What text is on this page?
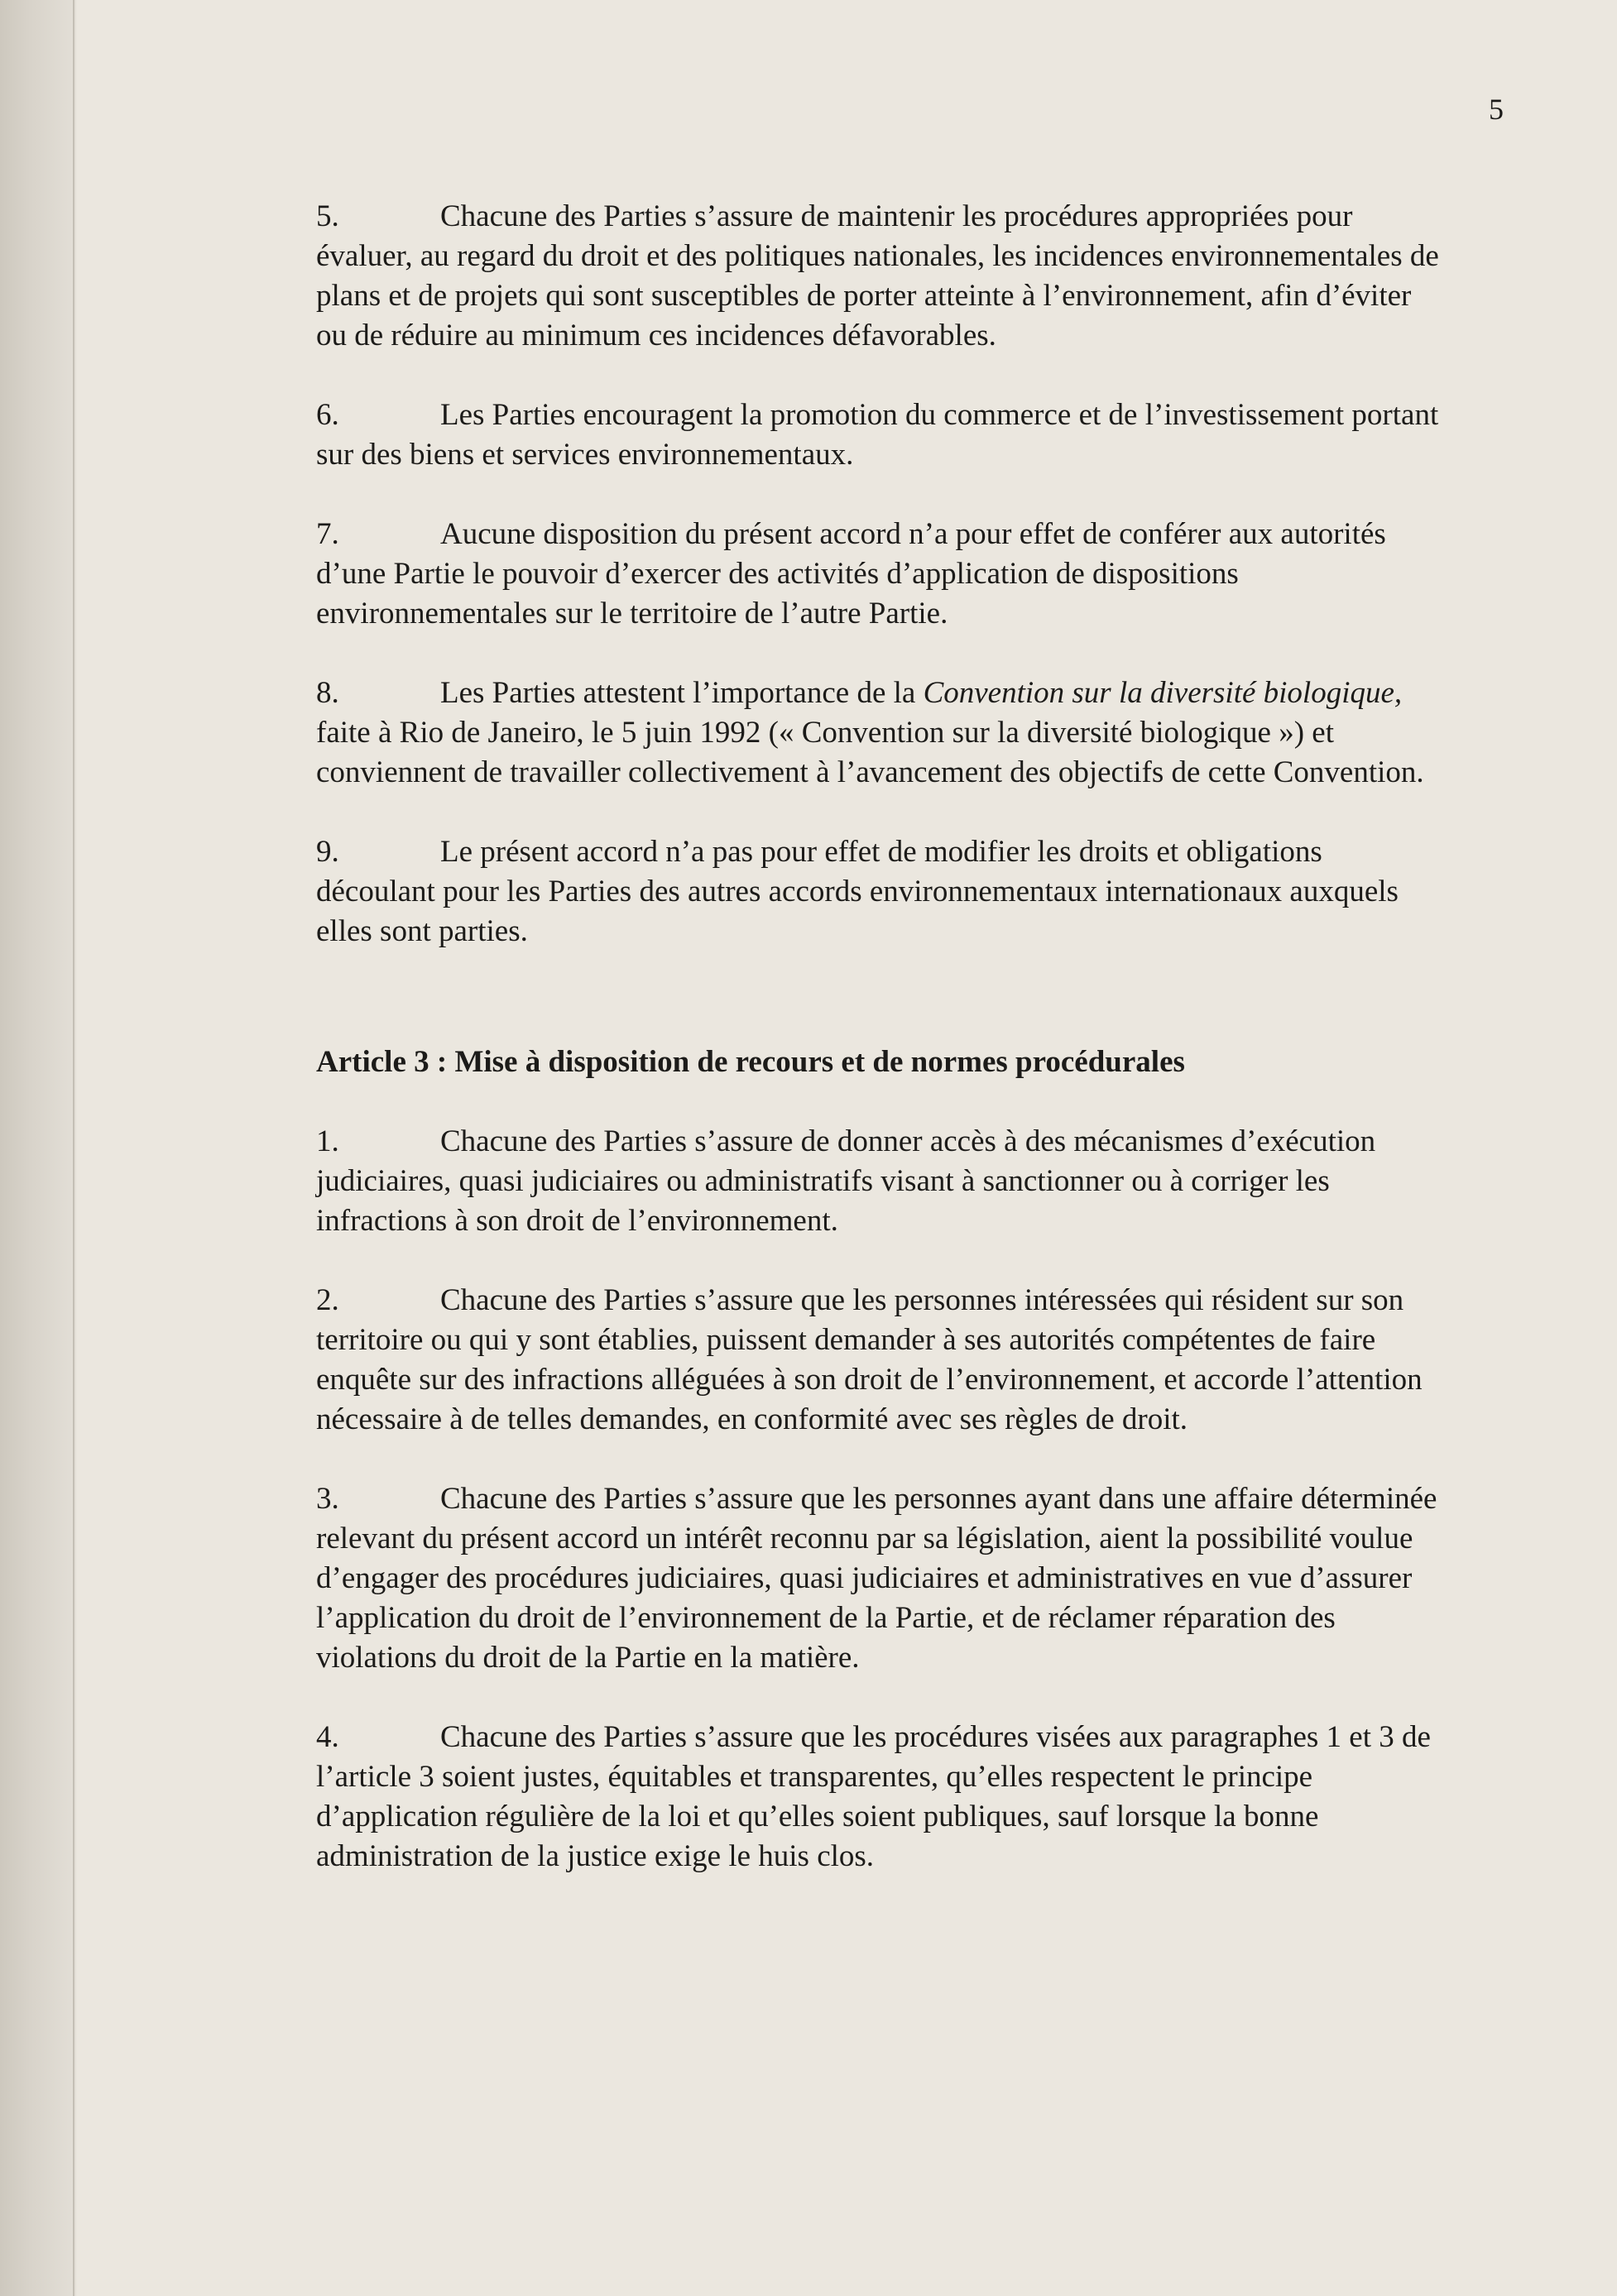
5

5.	Chacune des Parties s’assure de maintenir les procédures appropriées pour évaluer, au regard du droit et des politiques nationales, les incidences environnementales de plans et de projets qui sont susceptibles de porter atteinte à l’environnement, afin d’éviter ou de réduire au minimum ces incidences défavorables.

6.	Les Parties encouragent la promotion du commerce et de l’investissement portant sur des biens et services environnementaux.

7.	Aucune disposition du présent accord n’a pour effet de conférer aux autorités d’une Partie le pouvoir d’exercer des activités d’application de dispositions environnementales sur le territoire de l’autre Partie.

8.	Les Parties attestent l’importance de la Convention sur la diversité biologique, faite à Rio de Janeiro, le 5 juin 1992 (« Convention sur la diversité biologique ») et conviennent de travailler collectivement à l’avancement des objectifs de cette Convention.

9.	Le présent accord n’a pas pour effet de modifier les droits et obligations découlant pour les Parties des autres accords environnementaux internationaux auxquels elles sont parties.

Article 3 : Mise à disposition de recours et de normes procédurales

1.	Chacune des Parties s’assure de donner accès à des mécanismes d’exécution judiciaires, quasi judiciaires ou administratifs visant à sanctionner ou à corriger les infractions à son droit de l’environnement.

2.	Chacune des Parties s’assure que les personnes intéressées qui résident sur son territoire ou qui y sont établies, puissent demander à ses autorités compétentes de faire enquête sur des infractions alléguées à son droit de l’environnement, et accorde l’attention nécessaire à de telles demandes, en conformité avec ses règles de droit.

3.	Chacune des Parties s’assure que les personnes ayant dans une affaire déterminée relevant du présent accord un intérêt reconnu par sa législation, aient la possibilité voulue d’engager des procédures judiciaires, quasi judiciaires et administratives en vue d’assurer l’application du droit de l’environnement de la Partie, et de réclamer réparation des violations du droit de la Partie en la matière.

4.	Chacune des Parties s’assure que les procédures visées aux paragraphes 1 et 3 de l’article 3 soient justes, équitables et transparentes, qu’elles respectent le principe d’application régulière de la loi et qu’elles soient publiques, sauf lorsque la bonne administration de la justice exige le huis clos.
